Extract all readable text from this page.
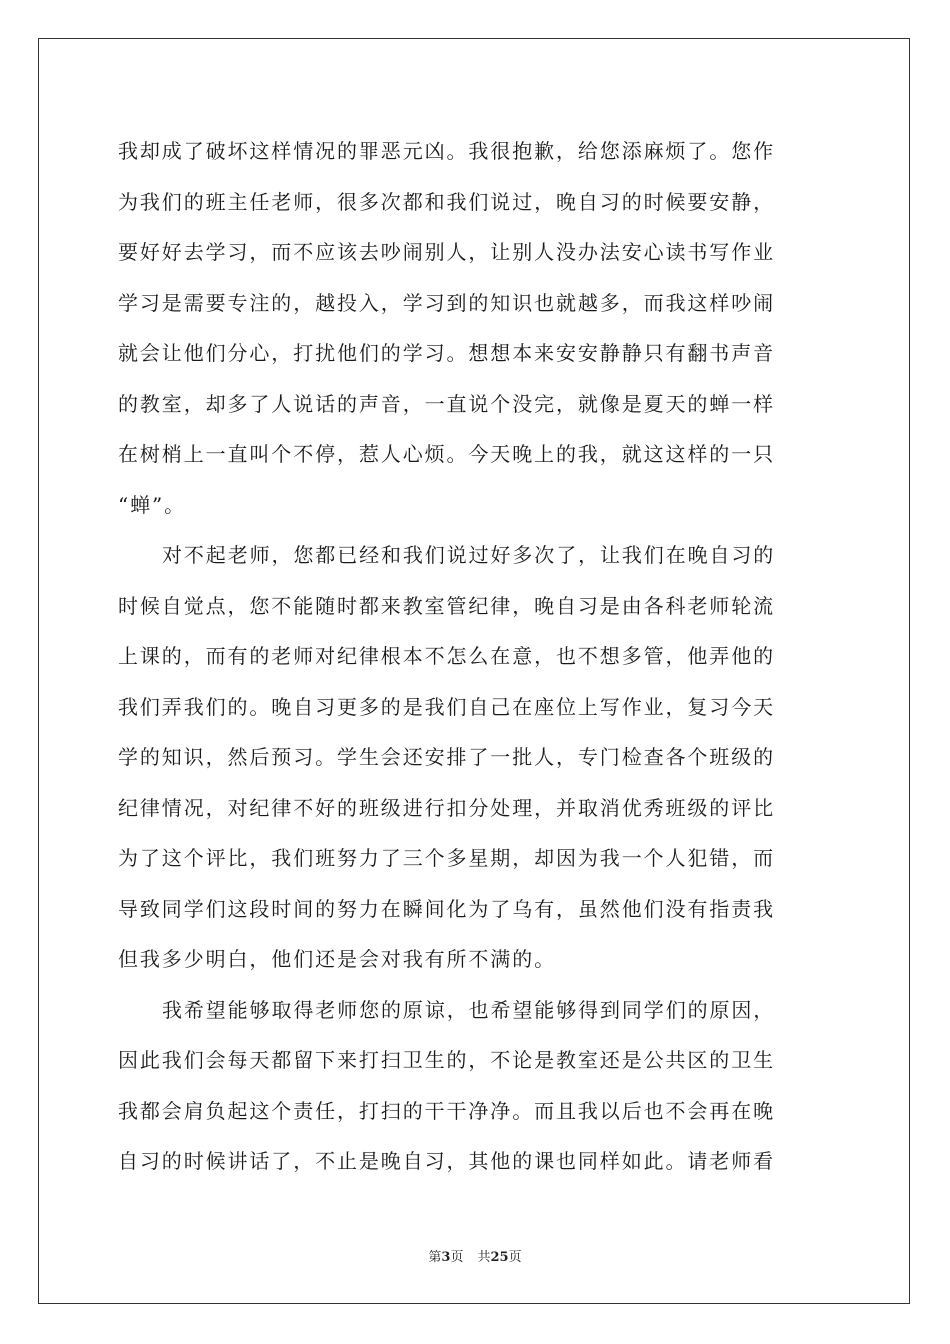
我却成了破坏这样情况的罪恶元凶。我很抱歉，给您添麻烦了。您作
为我们的班主任老师，很多次都和我们说过，晚自习的时候要安静，
要好好去学习，而不应该去吵闹别人，让别人没办法安心读书写作业
学习是需要专注的，越投入，学习到的知识也就越多，而我这样吵闹
就会让他们分心，打扰他们的学习。想想本来安安静静只有翻书声音
的教室，却多了人说话的声音，一直说个没完，就像是夏天的蝉一样
在树梢上一直叫个不停，惹人心烦。今天晚上的我，就这这样的一只
“蝉”。
对不起老师，您都已经和我们说过好多次了，让我们在晚自习的
时候自觉点，您不能随时都来教室管纪律，晚自习是由各科老师轮流
上课的，而有的老师对纪律根本不怎么在意，也不想多管，他弄他的
我们弄我们的。晚自习更多的是我们自己在座位上写作业，复习今天
学的知识，然后预习。学生会还安排了一批人，专门检查各个班级的
纪律情况，对纪律不好的班级进行扣分处理，并取消优秀班级的评比
为了这个评比，我们班努力了三个多星期，却因为我一个人犯错，而
导致同学们这段时间的努力在瞬间化为了乌有，虽然他们没有指责我
但我多少明白，他们还是会对我有所不满的。
我希望能够取得老师您的原谅，也希望能够得到同学们的原因，
因此我们会每天都留下来打扫卫生的，不论是教室还是公共区的卫生
我都会肩负起这个责任，打扫的干干净净。而且我以后也不会再在晚
自习的时候讲话了，不止是晚自习，其他的课也同样如此。请老师看
第3页 共25页
